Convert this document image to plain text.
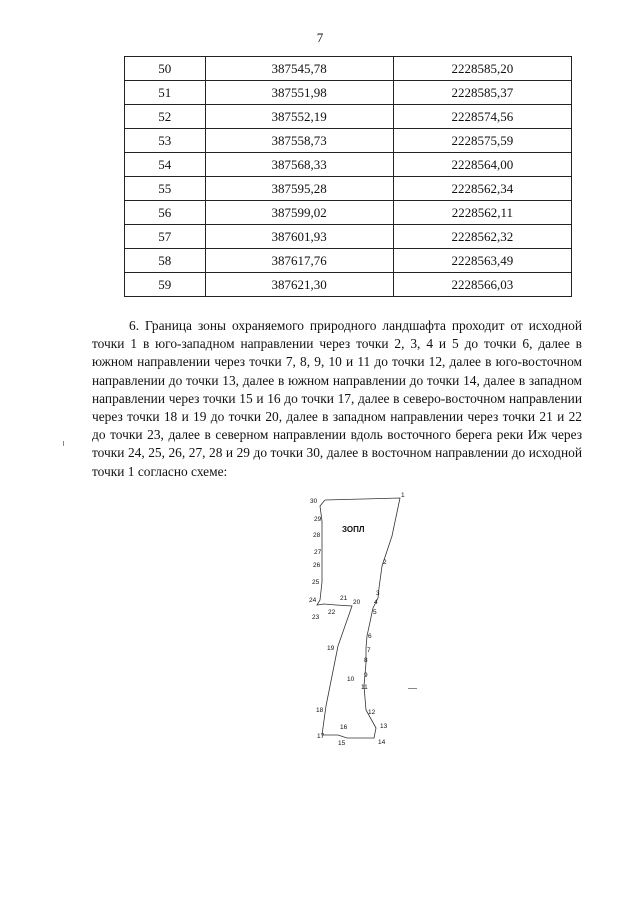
7
50	387545,78	2228585,20
51	387551,98	2228585,37
52	387552,19	2228574,56
53	387558,73	2228575,59
54	387568,33	2228564,00
55	387595,28	2228562,34
56	387599,02	2228562,11
57	387601,93	2228562,32
58	387617,76	2228563,49
59	387621,30	2228566,03

6. Граница зоны охраняемого природного ландшафта проходит от исходной точки 1 в юго-западном направлении через точки 2, 3, 4 и 5 до точки 6, далее в южном направлении через точки 7, 8, 9, 10 и 11 до точки 12, далее в юго-восточном направлении до точки 13, далее в южном направлении до точки 14, далее в западном направлении через точки 15 и 16 до точки 17, далее в северо-восточном направлении через точки 18 и 19 до точки 20, далее в западном направлении через точки 21 и 22 до точки 23, далее в северном направлении вдоль восточного берега реки Иж через точки 24, 25, 26, 27, 28 и 29 до точки 30, далее в восточном направлении до исходной точки 1 согласно схеме:

1
2
3
4
5
6
7
8
9
10
11
12
13
14
15
16
17
18
19
20
21
22
23
24
25
26
27
28
29
30
ЗОПЛ
